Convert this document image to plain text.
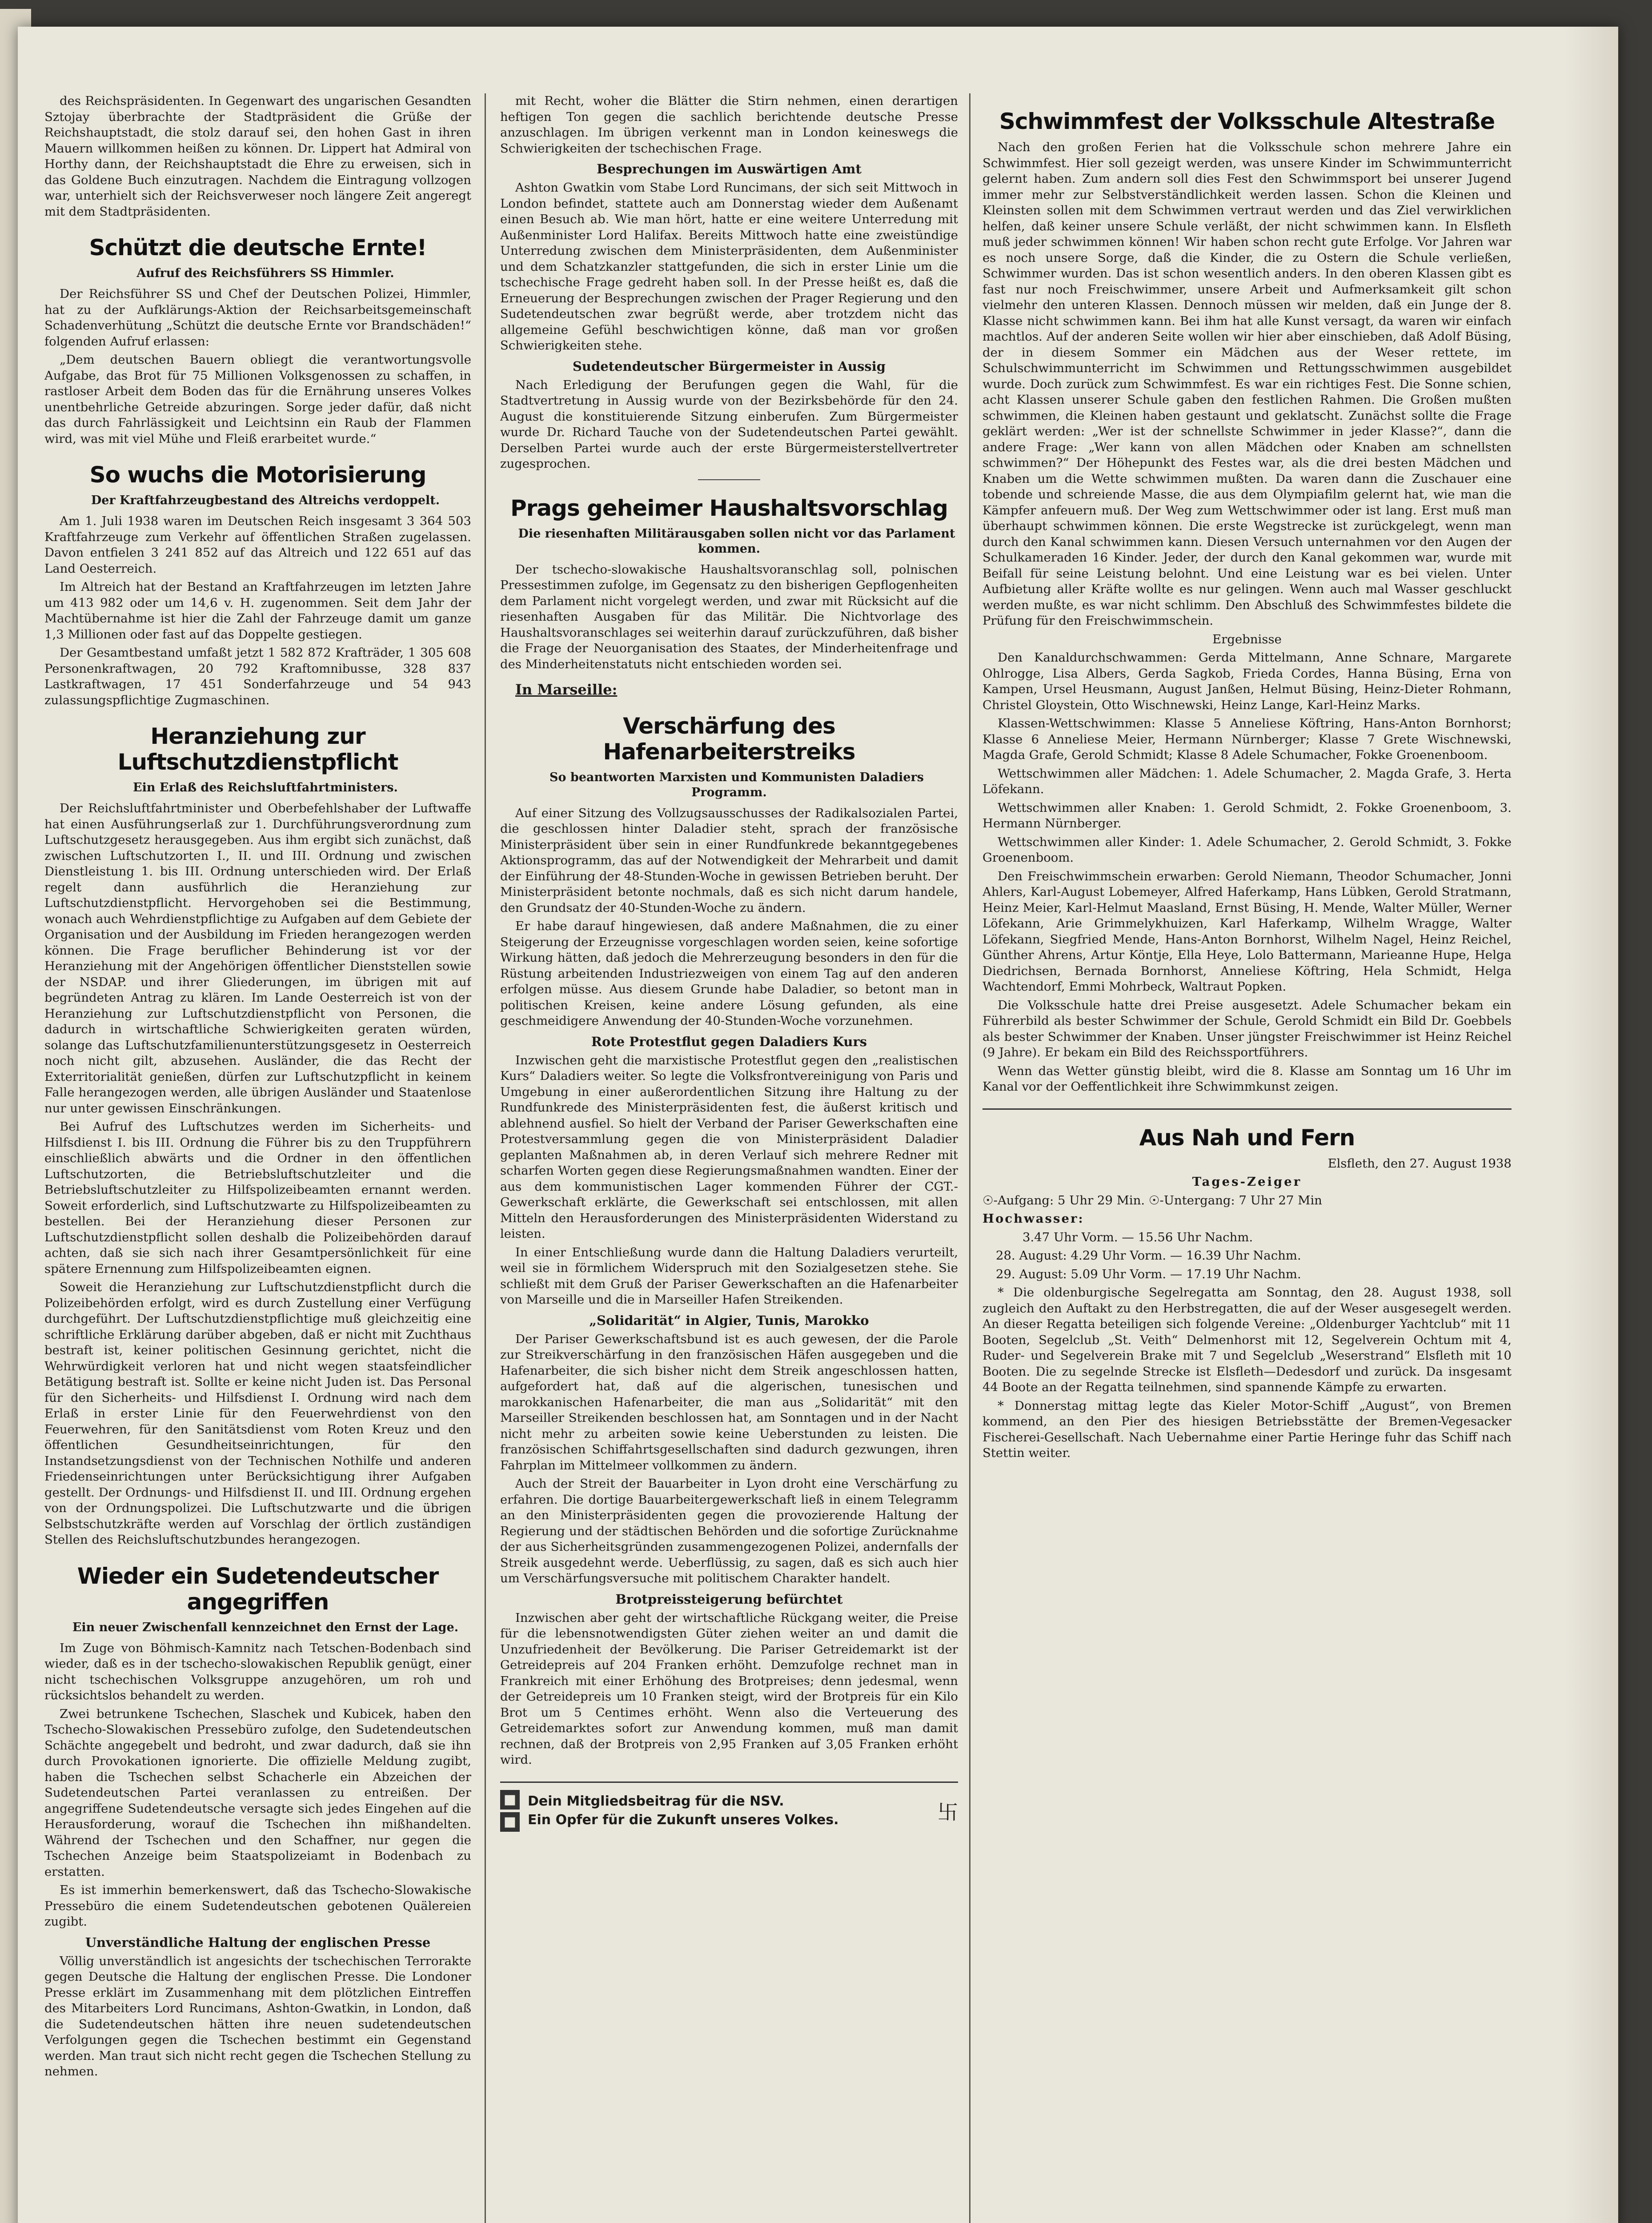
des Reichspräsidenten. In Gegenwart des ungarischen Gesandten Sztojay überbrachte der Stadtpräsident die Grüße der Reichshauptstadt, die stolz darauf sei, den hohen Gast in ihren Mauern willkommen heißen zu können. Dr. Lippert hat Admiral von Horthy dann, der Reichshauptstadt die Ehre zu erweisen, sich in das Goldene Buch einzutragen. Nachdem die Eintragung vollzogen war, unterhielt sich der Reichsverweser noch längere Zeit angeregt mit dem Stadtpräsidenten.

Schützt die deutsche Ernte!

Aufruf des Reichsführers SS Himmler.

Der Reichsführer SS und Chef der Deutschen Polizei, Himmler, hat zu der Aufklärungs-Aktion der Reichsarbeitsgemeinschaft Schadenverhütung „Schützt die deutsche Ernte vor Brandschäden!“ folgenden Aufruf erlassen:

„Dem deutschen Bauern obliegt die verantwortungsvolle Aufgabe, das Brot für 75 Millionen Volksgenossen zu schaffen, in rastloser Arbeit dem Boden das für die Ernährung unseres Volkes unentbehrliche Getreide abzuringen. Sorge jeder dafür, daß nicht das durch Fahrlässigkeit und Leichtsinn ein Raub der Flammen wird, was mit viel Mühe und Fleiß erarbeitet wurde.“

So wuchs die Motorisierung

Der Kraftfahrzeugbestand des Altreichs verdoppelt.

Am 1. Juli 1938 waren im Deutschen Reich insgesamt 3 364 503 Kraftfahrzeuge zum Verkehr auf öffentlichen Straßen zugelassen. Davon entfielen 3 241 852 auf das Altreich und 122 651 auf das Land Oesterreich.

Im Altreich hat der Bestand an Kraftfahrzeugen im letzten Jahre um 413 982 oder um 14,6 v. H. zugenommen. Seit dem Jahr der Machtübernahme ist hier die Zahl der Fahrzeuge damit um ganze 1,3 Millionen oder fast auf das Doppelte gestiegen.

Der Gesamtbestand umfaßt jetzt 1 582 872 Krafträder, 1 305 608 Personenkraftwagen, 20 792 Kraftomnibusse, 328 837 Lastkraftwagen, 17 451 Sonderfahrzeuge und 54 943 zulassungspflichtige Zugmaschinen.

Heranziehung zur Luftschutzdienstpflicht

Ein Erlaß des Reichsluftfahrtministers.

Der Reichsluftfahrtminister und Oberbefehlshaber der Luftwaffe hat einen Ausführungserlaß zur 1. Durchführungsverordnung zum Luftschutzgesetz herausgegeben. Aus ihm ergibt sich zunächst, daß zwischen Luftschutzorten I., II. und III. Ordnung und zwischen Dienstleistung 1. bis III. Ordnung unterschieden wird. Der Erlaß regelt dann ausführlich die Heranziehung zur Luftschutzdienstpflicht. Hervorgehoben sei die Bestimmung, wonach auch Wehrdienstpflichtige zu Aufgaben auf dem Gebiete der Organisation und der Ausbildung im Frieden herangezogen werden können. Die Frage beruflicher Behinderung ist vor der Heranziehung mit der Angehörigen öffentlicher Dienststellen sowie der NSDAP. und ihrer Gliederungen, im übrigen mit auf begründeten Antrag zu klären. Im Lande Oesterreich ist von der Heranziehung zur Luftschutzdienstpflicht von Personen, die dadurch in wirtschaftliche Schwierigkeiten geraten würden, solange das Luftschutzfamilienunterstützungsgesetz in Oesterreich noch nicht gilt, abzusehen. Ausländer, die das Recht der Exterritorialität genießen, dürfen zur Luftschutzpflicht in keinem Falle herangezogen werden, alle übrigen Ausländer und Staatenlose nur unter gewissen Einschränkungen.

Bei Aufruf des Luftschutzes werden im Sicherheits- und Hilfsdienst I. bis III. Ordnung die Führer bis zu den Truppführern einschließlich abwärts und die Ordner in den öffentlichen Luftschutzorten, die Betriebsluftschutzleiter und die Betriebsluftschutzleiter zu Hilfspolizeibeamten ernannt werden. Soweit erforderlich, sind Luftschutzwarte zu Hilfspolizeibeamten zu bestellen. Bei der Heranziehung dieser Personen zur Luftschutzdienstpflicht sollen deshalb die Polizeibehörden darauf achten, daß sie sich nach ihrer Gesamtpersönlichkeit für eine spätere Ernennung zum Hilfspolizeibeamten eignen.

Soweit die Heranziehung zur Luftschutzdienstpflicht durch die Polizeibehörden erfolgt, wird es durch Zustellung einer Verfügung durchgeführt. Der Luftschutzdienstpflichtige muß gleichzeitig eine schriftliche Erklärung darüber abgeben, daß er nicht mit Zuchthaus bestraft ist, keiner politischen Gesinnung gerichtet, nicht die Wehrwürdigkeit verloren hat und nicht wegen staatsfeindlicher Betätigung bestraft ist. Sollte er keine nicht Juden ist. Das Personal für den Sicherheits- und Hilfsdienst I. Ordnung wird nach dem Erlaß in erster Linie für den Feuerwehrdienst von den Feuerwehren, für den Sanitätsdienst vom Roten Kreuz und den öffentlichen Gesundheitseinrichtungen, für den Instandsetzungsdienst von der Technischen Nothilfe und anderen Friedenseinrichtungen unter Berücksichtigung ihrer Aufgaben gestellt. Der Ordnungs- und Hilfsdienst II. und III. Ordnung ergehen von der Ordnungspolizei. Die Luftschutzwarte und die übrigen Selbstschutzkräfte werden auf Vorschlag der örtlich zuständigen Stellen des Reichsluftschutzbundes herangezogen.

Wieder ein Sudetendeutscher angegriffen

Ein neuer Zwischenfall kennzeichnet den Ernst der Lage.

Im Zuge von Böhmisch-Kamnitz nach Tetschen-Bodenbach sind wieder, daß es in der tschecho-slowakischen Republik genügt, einer nicht tschechischen Volksgruppe anzugehören, um roh und rücksichtslos behandelt zu werden.

Zwei betrunkene Tschechen, Slaschek und Kubicek, haben den Tschecho-Slowakischen Pressebüro zufolge, den Sudetendeutschen Schächte angegebelt und bedroht, und zwar dadurch, daß sie ihn durch Provokationen ignorierte. Die offizielle Meldung zugibt, haben die Tschechen selbst Schacherle ein Abzeichen der Sudetendeutschen Partei veranlassen zu entreißen. Der angegriffene Sudetendeutsche versagte sich jedes Eingehen auf die Herausforderung, worauf die Tschechen ihn mißhandelten. Während der Tschechen und den Schaffner, nur gegen die Tschechen Anzeige beim Staatspolizeiamt in Bodenbach zu erstatten.

Es ist immerhin bemerkenswert, daß das Tschecho-Slowakische Pressebüro die einem Sudetendeutschen gebotenen Quälereien zugibt.

Unverständliche Haltung der englischen Presse

Völlig unverständlich ist angesichts der tschechischen Terrorakte gegen Deutsche die Haltung der englischen Presse. Die Londoner Presse erklärt im Zusammenhang mit dem plötzlichen Eintreffen des Mitarbeiters Lord Runcimans, Ashton-Gwatkin, in London, daß die Sudetendeutschen hätten ihre neuen sudetendeutschen Verfolgungen gegen die Tschechen bestimmt ein Gegenstand werden. Man traut sich nicht recht gegen die Tschechen Stellung zu nehmen.

mit Recht, woher die Blätter die Stirn nehmen, einen derartigen heftigen Ton gegen die sachlich berichtende deutsche Presse anzuschlagen. Im übrigen verkennt man in London keineswegs die Schwierigkeiten der tschechischen Frage.

Besprechungen im Auswärtigen Amt

Ashton Gwatkin vom Stabe Lord Runcimans, der sich seit Mittwoch in London befindet, stattete auch am Donnerstag wieder dem Außenamt einen Besuch ab. Wie man hört, hatte er eine weitere Unterredung mit Außenminister Lord Halifax. Bereits Mittwoch hatte eine zweistündige Unterredung zwischen dem Ministerpräsidenten, dem Außenminister und dem Schatzkanzler stattgefunden, die sich in erster Linie um die tschechische Frage gedreht haben soll. In der Presse heißt es, daß die Erneuerung der Besprechungen zwischen der Prager Regierung und den Sudetendeutschen zwar begrüßt werde, aber trotzdem nicht das allgemeine Gefühl beschwichtigen könne, daß man vor großen Schwierigkeiten stehe.

Sudetendeutscher Bürgermeister in Aussig

Nach Erledigung der Berufungen gegen die Wahl, für die Stadtvertretung in Aussig wurde von der Bezirksbehörde für den 24. August die konstituierende Sitzung einberufen. Zum Bürgermeister wurde Dr. Richard Tauche von der Sudetendeutschen Partei gewählt. Derselben Partei wurde auch der erste Bürgermeisterstellvertreter zugesprochen.

Prags geheimer Haushaltsvorschlag

Die riesenhaften Militärausgaben sollen nicht vor das Parlament kommen.

Der tschecho-slowakische Haushaltsvoranschlag soll, polnischen Pressestimmen zufolge, im Gegensatz zu den bisherigen Gepflogenheiten dem Parlament nicht vorgelegt werden, und zwar mit Rücksicht auf die riesenhaften Ausgaben für das Militär. Die Nichtvorlage des Haushaltsvoranschlages sei weiterhin darauf zurückzuführen, daß bisher die Frage der Neuorganisation des Staates, der Minderheitenfrage und des Minderheitenstatuts nicht entschieden worden sei.

In Marseille:

Verschärfung des Hafenarbeiterstreiks

So beantworten Marxisten und Kommunisten Daladiers Programm.

Auf einer Sitzung des Vollzugsausschusses der Radikalsozialen Partei, die geschlossen hinter Daladier steht, sprach der französische Ministerpräsident über sein in einer Rundfunkrede bekanntgegebenes Aktionsprogramm, das auf der Notwendigkeit der Mehrarbeit und damit der Einführung der 48-Stunden-Woche in gewissen Betrieben beruht. Der Ministerpräsident betonte nochmals, daß es sich nicht darum handele, den Grundsatz der 40-Stunden-Woche zu ändern.

Er habe darauf hingewiesen, daß andere Maßnahmen, die zu einer Steigerung der Erzeugnisse vorgeschlagen worden seien, keine sofortige Wirkung hätten, daß jedoch die Mehrerzeugung besonders in den für die Rüstung arbeitenden Industriezweigen von einem Tag auf den anderen erfolgen müsse. Aus diesem Grunde habe Daladier, so betont man in politischen Kreisen, keine andere Lösung gefunden, als eine geschmeidigere Anwendung der 40-Stunden-Woche vorzunehmen.

Rote Protestflut gegen Daladiers Kurs

Inzwischen geht die marxistische Protestflut gegen den „realistischen Kurs“ Daladiers weiter. So legte die Volksfrontvereinigung von Paris und Umgebung in einer außerordentlichen Sitzung ihre Haltung zu der Rundfunkrede des Ministerpräsidenten fest, die äußerst kritisch und ablehnend ausfiel. So hielt der Verband der Pariser Gewerkschaften eine Protestversammlung gegen die von Ministerpräsident Daladier geplanten Maßnahmen ab, in deren Verlauf sich mehrere Redner mit scharfen Worten gegen diese Regierungsmaßnahmen wandten. Einer der aus dem kommunistischen Lager kommenden Führer der CGT.-Gewerkschaft erklärte, die Gewerkschaft sei entschlossen, mit allen Mitteln den Herausforderungen des Ministerpräsidenten Widerstand zu leisten.

In einer Entschließung wurde dann die Haltung Daladiers verurteilt, weil sie in förmlichem Widerspruch mit den Sozialgesetzen stehe. Sie schließt mit dem Gruß der Pariser Gewerkschaften an die Hafenarbeiter von Marseille und die in Marseiller Hafen Streikenden.

„Solidarität“ in Algier, Tunis, Marokko

Der Pariser Gewerkschaftsbund ist es auch gewesen, der die Parole zur Streikverschärfung in den französischen Häfen ausgegeben und die Hafenarbeiter, die sich bisher nicht dem Streik angeschlossen hatten, aufgefordert hat, daß auf die algerischen, tunesischen und marokkanischen Hafenarbeiter, die man aus „Solidarität“ mit den Marseiller Streikenden beschlossen hat, am Sonntagen und in der Nacht nicht mehr zu arbeiten sowie keine Ueberstunden zu leisten. Die französischen Schiffahrtsgesellschaften sind dadurch gezwungen, ihren Fahrplan im Mittelmeer vollkommen zu ändern.

Auch der Streit der Bauarbeiter in Lyon droht eine Verschärfung zu erfahren. Die dortige Bauarbeitergewerkschaft ließ in einem Telegramm an den Ministerpräsidenten gegen die provozierende Haltung der Regierung und der städtischen Behörden und die sofortige Zurücknahme der aus Sicherheitsgründen zusammengezogenen Polizei, andernfalls der Streik ausgedehnt werde. Ueberflüssig, zu sagen, daß es sich auch hier um Verschärfungsversuche mit politischem Charakter handelt.

Brotpreissteigerung befürchtet

Inzwischen aber geht der wirtschaftliche Rückgang weiter, die Preise für die lebensnotwendigsten Güter ziehen weiter an und damit die Unzufriedenheit der Bevölkerung. Die Pariser Getreidemarkt ist der Getreidepreis auf 204 Franken erhöht. Demzufolge rechnet man in Frankreich mit einer Erhöhung des Brotpreises; denn jedesmal, wenn der Getreidepreis um 10 Franken steigt, wird der Brotpreis für ein Kilo Brot um 5 Centimes erhöht. Wenn also die Verteuerung des Getreidemarktes sofort zur Anwendung kommen, muß man damit rechnen, daß der Brotpreis von 2,95 Franken auf 3,05 Franken erhöht wird.

■
■
Dein Mitgliedsbeitrag für die NSV.
Ein Opfer für die Zukunft unseres Volkes.	卐
Schwimmfest der Volksschule Altestraße

Nach den großen Ferien hat die Volksschule schon mehrere Jahre ein Schwimmfest. Hier soll gezeigt werden, was unsere Kinder im Schwimmunterricht gelernt haben. Zum andern soll dies Fest den Schwimmsport bei unserer Jugend immer mehr zur Selbstverständlichkeit werden lassen. Schon die Kleinen und Kleinsten sollen mit dem Schwimmen vertraut werden und das Ziel verwirklichen helfen, daß keiner unsere Schule verläßt, der nicht schwimmen kann. In Elsfleth muß jeder schwimmen können! Wir haben schon recht gute Erfolge. Vor Jahren war es noch unsere Sorge, daß die Kinder, die zu Ostern die Schule verließen, Schwimmer wurden. Das ist schon wesentlich anders. In den oberen Klassen gibt es fast nur noch Freischwimmer, unsere Arbeit und Aufmerksamkeit gilt schon vielmehr den unteren Klassen. Dennoch müssen wir melden, daß ein Junge der 8. Klasse nicht schwimmen kann. Bei ihm hat alle Kunst versagt, da waren wir einfach machtlos. Auf der anderen Seite wollen wir hier aber einschieben, daß Adolf Büsing, der in diesem Sommer ein Mädchen aus der Weser rettete, im Schulschwimmunterricht im Schwimmen und Rettungsschwimmen ausgebildet wurde. Doch zurück zum Schwimmfest. Es war ein richtiges Fest. Die Sonne schien, acht Klassen unserer Schule gaben den festlichen Rahmen. Die Großen mußten schwimmen, die Kleinen haben gestaunt und geklatscht. Zunächst sollte die Frage geklärt werden: „Wer ist der schnellste Schwimmer in jeder Klasse?“, dann die andere Frage: „Wer kann von allen Mädchen oder Knaben am schnellsten schwimmen?“ Der Höhepunkt des Festes war, als die drei besten Mädchen und Knaben um die Wette schwimmen mußten. Da waren dann die Zuschauer eine tobende und schreiende Masse, die aus dem Olympiafilm gelernt hat, wie man die Kämpfer anfeuern muß. Der Weg zum Wettschwimmer oder ist lang. Erst muß man überhaupt schwimmen können. Die erste Wegstrecke ist zurückgelegt, wenn man durch den Kanal schwimmen kann. Diesen Versuch unternahmen vor den Augen der Schulkameraden 16 Kinder. Jeder, der durch den Kanal gekommen war, wurde mit Beifall für seine Leistung belohnt. Und eine Leistung war es bei vielen. Unter Aufbietung aller Kräfte wollte es nur gelingen. Wenn auch mal Wasser geschluckt werden mußte, es war nicht schlimm. Den Abschluß des Schwimmfestes bildete die Prüfung für den Freischwimmschein.

Ergebnisse

Den Kanaldurchschwammen: Gerda Mittelmann, Anne Schnare, Margarete Ohlrogge, Lisa Albers, Gerda Sagkob, Frieda Cordes, Hanna Büsing, Erna von Kampen, Ursel Heusmann, August Janßen, Helmut Büsing, Heinz-Dieter Rohmann, Christel Gloystein, Otto Wischnewski, Heinz Lange, Karl-Heinz Marks.

Klassen-Wettschwimmen: Klasse 5 Anneliese Köftring, Hans-Anton Bornhorst; Klasse 6 Anneliese Meier, Hermann Nürnberger; Klasse 7 Grete Wischnewski, Magda Grafe, Gerold Schmidt; Klasse 8 Adele Schumacher, Fokke Groenenboom.

Wettschwimmen aller Mädchen: 1. Adele Schumacher, 2. Magda Grafe, 3. Herta Löfekann.

Wettschwimmen aller Knaben: 1. Gerold Schmidt, 2. Fokke Groenenboom, 3. Hermann Nürnberger.

Wettschwimmen aller Kinder: 1. Adele Schumacher, 2. Gerold Schmidt, 3. Fokke Groenenboom.

Den Freischwimmschein erwarben: Gerold Niemann, Theodor Schumacher, Jonni Ahlers, Karl-August Lobemeyer, Alfred Haferkamp, Hans Lübken, Gerold Stratmann, Heinz Meier, Karl-Helmut Maasland, Ernst Büsing, H. Mende, Walter Müller, Werner Löfekann, Arie Grimmelykhuizen, Karl Haferkamp, Wilhelm Wragge, Walter Löfekann, Siegfried Mende, Hans-Anton Bornhorst, Wilhelm Nagel, Heinz Reichel, Günther Ahrens, Artur Köntje, Ella Heye, Lolo Battermann, Marieanne Hupe, Helga Diedrichsen, Bernada Bornhorst, Anneliese Köftring, Hela Schmidt, Helga Wachtendorf, Emmi Mohrbeck, Waltraut Popken.

Die Volksschule hatte drei Preise ausgesetzt. Adele Schumacher bekam ein Führerbild als bester Schwimmer der Schule, Gerold Schmidt ein Bild Dr. Goebbels als bester Schwimmer der Knaben. Unser jüngster Freischwimmer ist Heinz Reichel (9 Jahre). Er bekam ein Bild des Reichssportführers.

Wenn das Wetter günstig bleibt, wird die 8. Klasse am Sonntag um 16 Uhr im Kanal vor der Oeffentlichkeit ihre Schwimmkunst zeigen.

Aus Nah und Fern

Elsfleth, den 27. August 1938

Tages-Zeiger

☉-Aufgang: 5 Uhr 29 Min. ☉-Untergang: 7 Uhr 27 Min

Hochwasser:

3.47 Uhr Vorm. — 15.56 Uhr Nachm.

28. August: 4.29 Uhr Vorm. — 16.39 Uhr Nachm.

29. August: 5.09 Uhr Vorm. — 17.19 Uhr Nachm.

* Die oldenburgische Segelregatta am Sonntag, den 28. August 1938, soll zugleich den Auftakt zu den Herbstregatten, die auf der Weser ausgesegelt werden. An dieser Regatta beteiligen sich folgende Vereine: „Oldenburger Yachtclub“ mit 11 Booten, Segelclub „St. Veith“ Delmenhorst mit 12, Segelverein Ochtum mit 4, Ruder- und Segelverein Brake mit 7 und Segelclub „Weserstrand“ Elsfleth mit 10 Booten. Die zu segelnde Strecke ist Elsfleth—Dedesdorf und zurück. Da insgesamt 44 Boote an der Regatta teilnehmen, sind spannende Kämpfe zu erwarten.

* Donnerstag mittag legte das Kieler Motor-Schiff „August“, von Bremen kommend, an den Pier des hiesigen Betriebsstätte der Bremen-Vegesacker Fischerei-Gesellschaft. Nach Uebernahme einer Partie Heringe fuhr das Schiff nach Stettin weiter.
